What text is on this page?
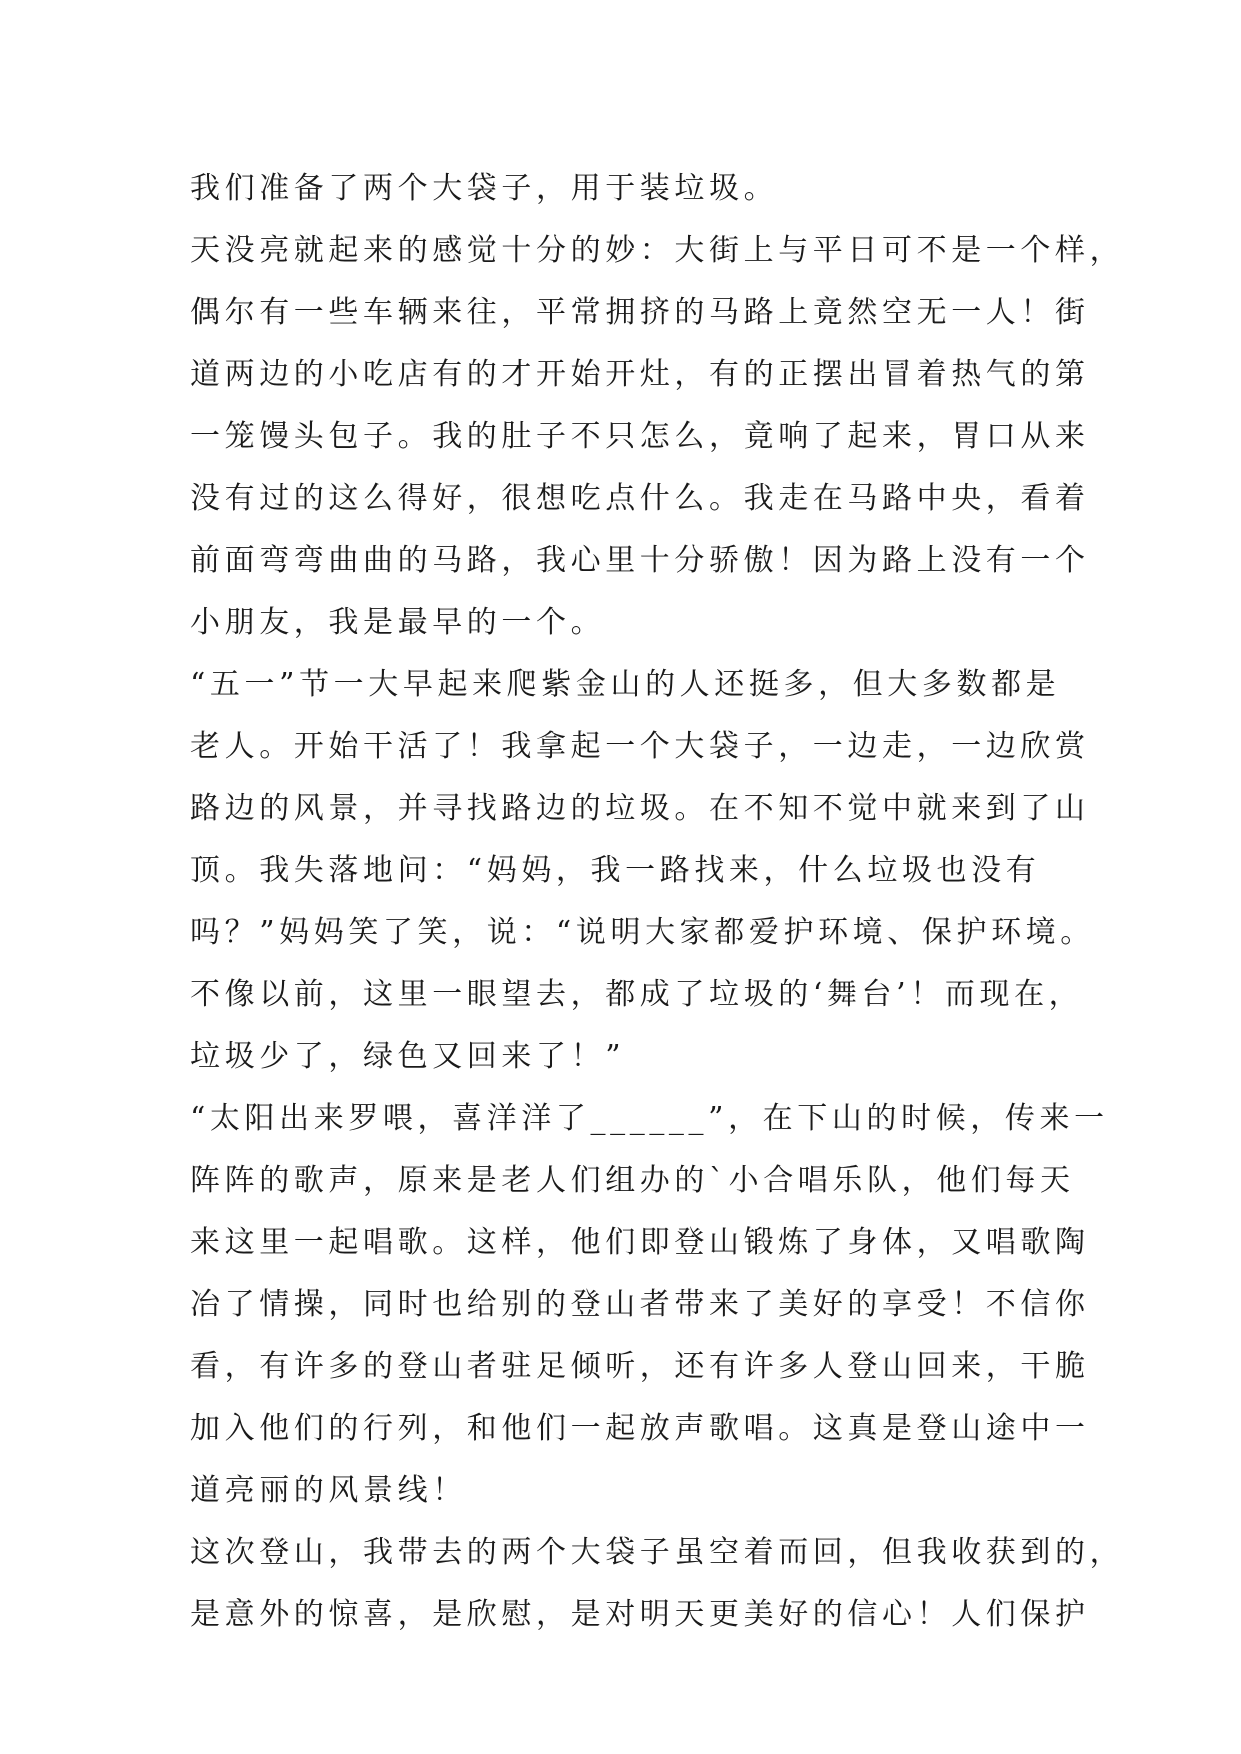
我们准备了两个大袋子，用于装垃圾。
天没亮就起来的感觉十分的妙：大街上与平日可不是一个样，
偶尔有一些车辆来往，平常拥挤的马路上竟然空无一人！街
道两边的小吃店有的才开始开灶，有的正摆出冒着热气的第
一笼馒头包子。我的肚子不只怎么，竟响了起来，胃口从来
没有过的这么得好，很想吃点什么。我走在马路中央，看着
前面弯弯曲曲的马路，我心里十分骄傲！因为路上没有一个
小朋友，我是最早的一个。
“五一”节一大早起来爬紫金山的人还挺多，但大多数都是
老人。开始干活了！我拿起一个大袋子，一边走，一边欣赏
路边的风景，并寻找路边的垃圾。在不知不觉中就来到了山
顶。我失落地问：“妈妈，我一路找来，什么垃圾也没有
吗？”妈妈笑了笑，说：“说明大家都爱护环境、保护环境。
不像以前，这里一眼望去，都成了垃圾的‘舞台’！而现在，
垃圾少了，绿色又回来了！”
“太阳出来罗喂，喜洋洋了______”，在下山的时候，传来一
阵阵的歌声，原来是老人们组办的`小合唱乐队，他们每天
来这里一起唱歌。这样，他们即登山锻炼了身体，又唱歌陶
冶了情操，同时也给别的登山者带来了美好的享受！不信你
看，有许多的登山者驻足倾听，还有许多人登山回来，干脆
加入他们的行列，和他们一起放声歌唱。这真是登山途中一
道亮丽的风景线！
这次登山，我带去的两个大袋子虽空着而回，但我收获到的，
是意外的惊喜，是欣慰，是对明天更美好的信心！人们保护
